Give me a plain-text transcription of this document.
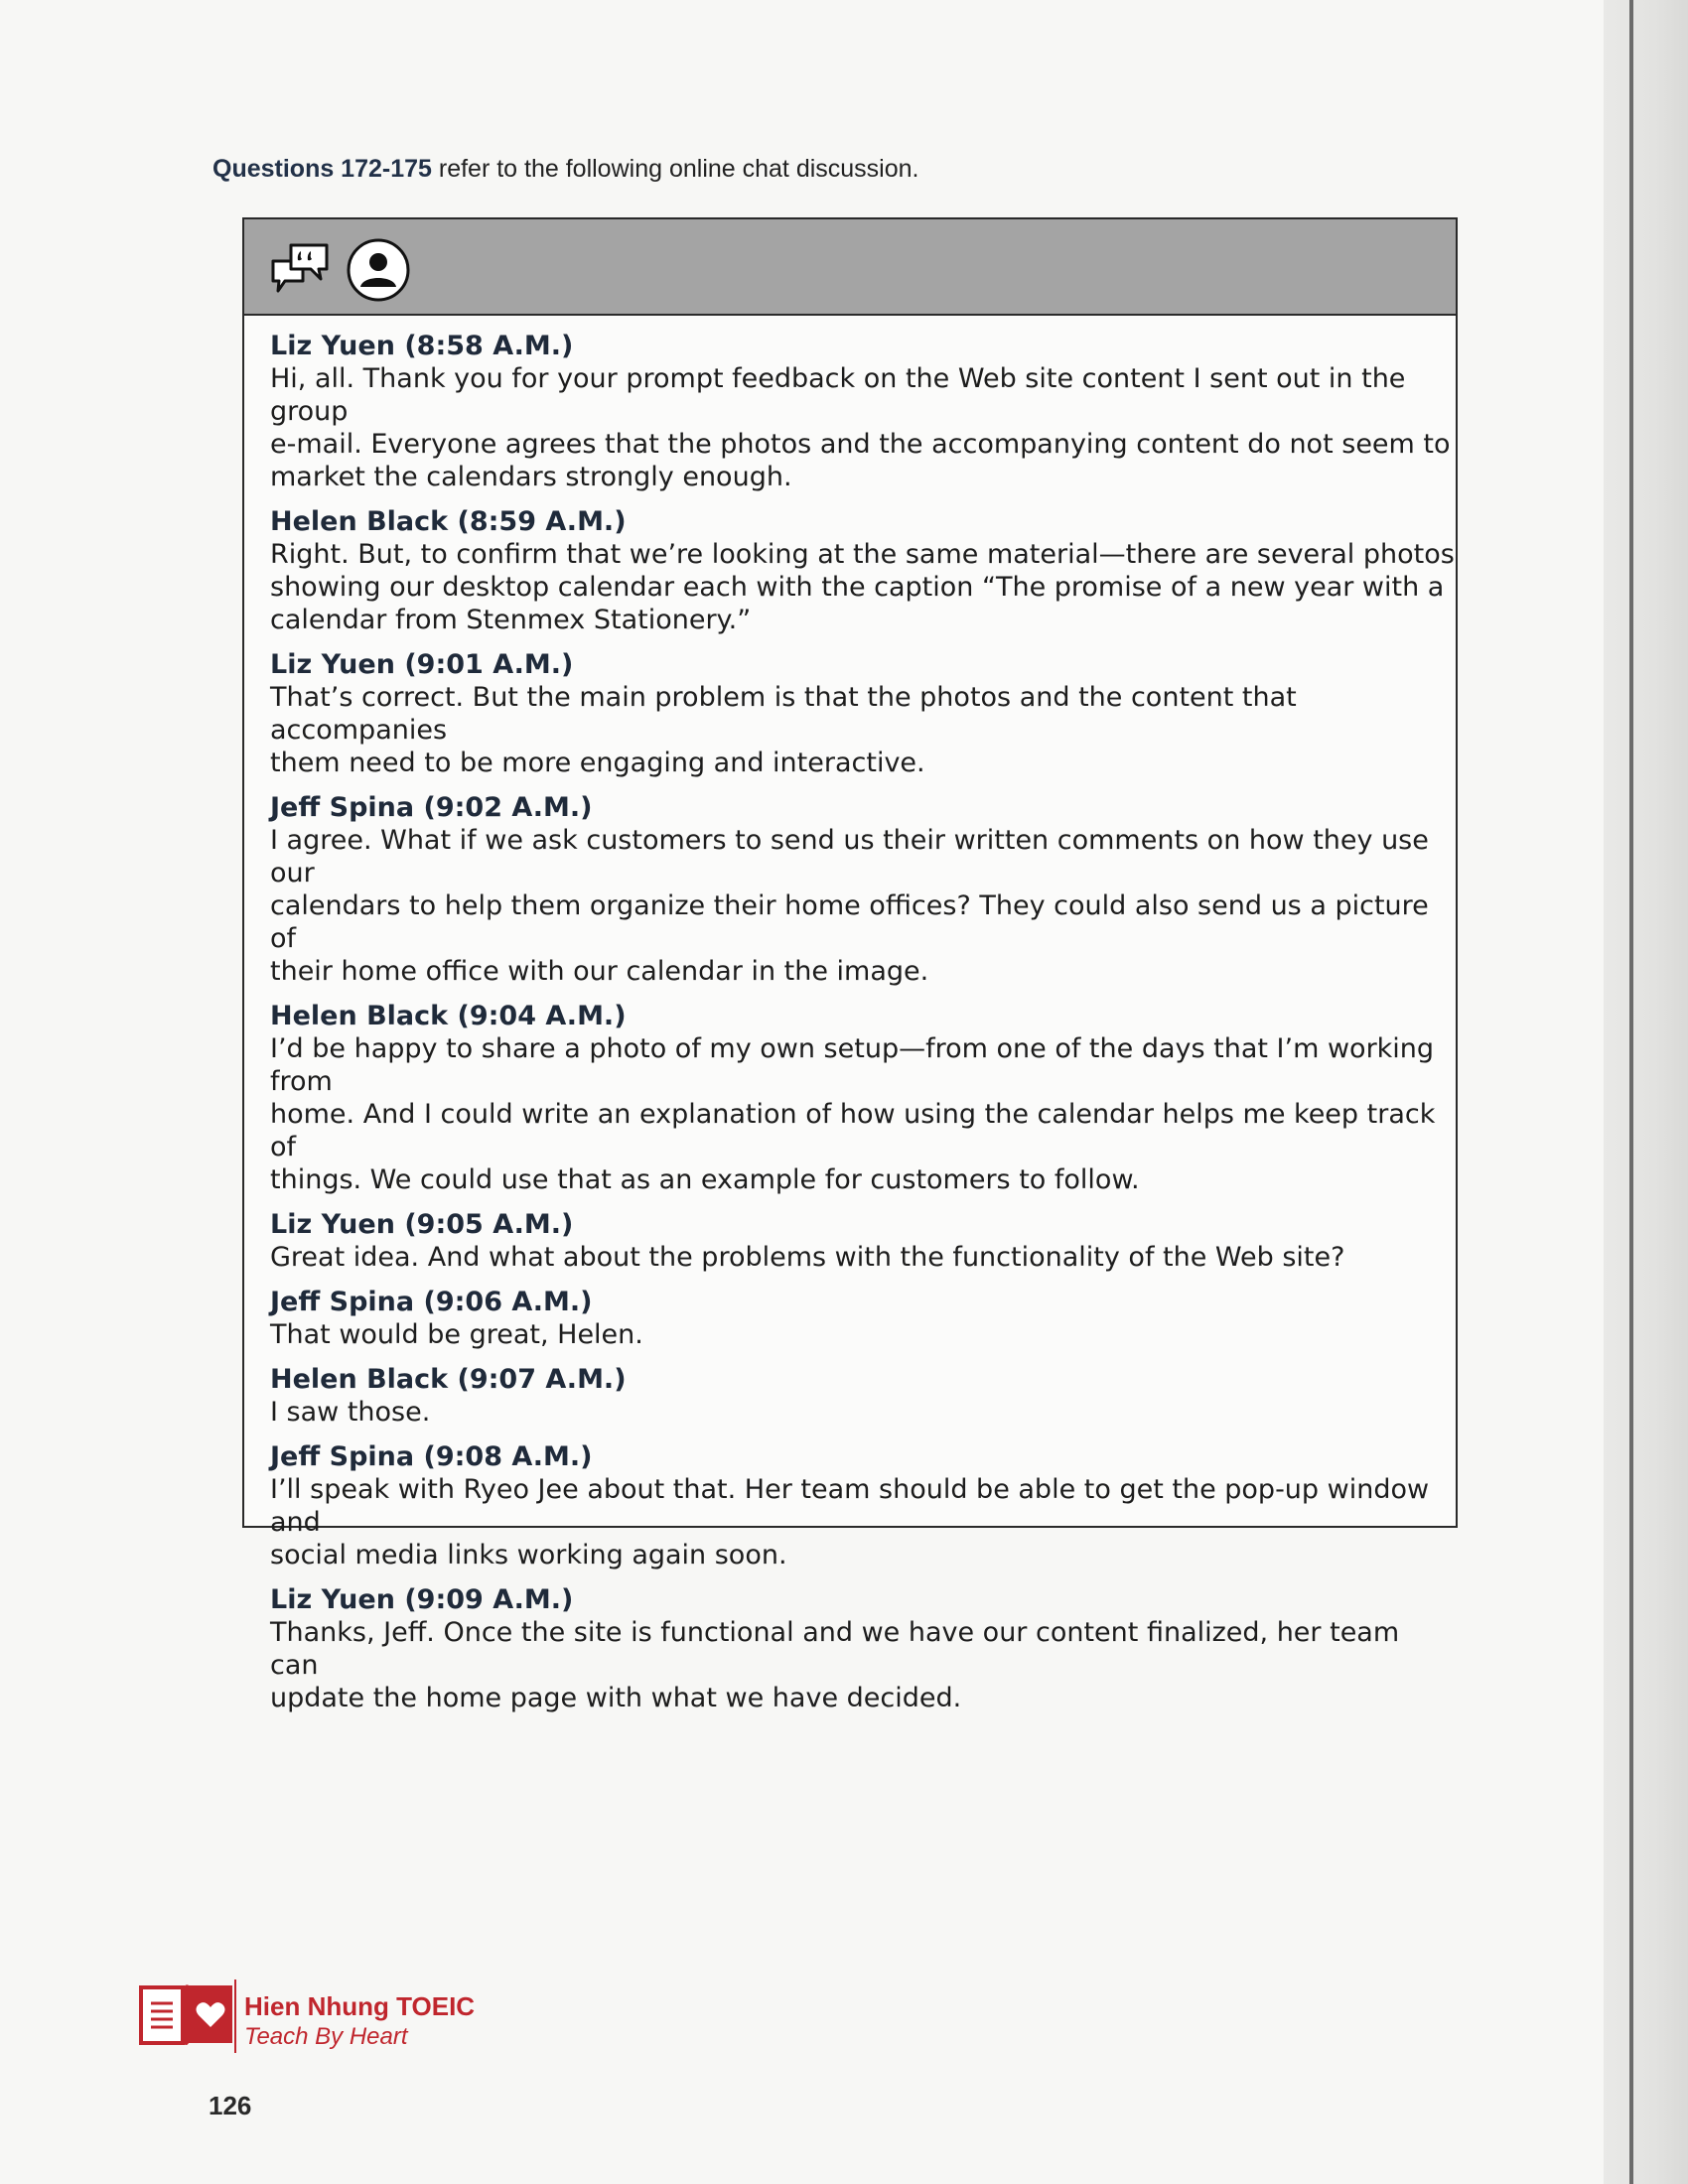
Questions 172-175 refer to the following online chat discussion.
Liz Yuen (8:58 A.M.)
Hi, all. Thank you for your prompt feedback on the Web site content I sent out in the group
e-mail. Everyone agrees that the photos and the accompanying content do not seem to
market the calendars strongly enough.
Helen Black (8:59 A.M.)
Right. But, to confirm that we’re looking at the same material—there are several photos
showing our desktop calendar each with the caption “The promise of a new year with a
calendar from Stenmex Stationery.”
Liz Yuen (9:01 A.M.)
That’s correct. But the main problem is that the photos and the content that accompanies
them need to be more engaging and interactive.
Jeff Spina (9:02 A.M.)
I agree. What if we ask customers to send us their written comments on how they use our
calendars to help them organize their home offices? They could also send us a picture of
their home office with our calendar in the image.
Helen Black (9:04 A.M.)
I’d be happy to share a photo of my own setup—from one of the days that I’m working from
home. And I could write an explanation of how using the calendar helps me keep track of
things. We could use that as an example for customers to follow.
Liz Yuen (9:05 A.M.)
Great idea. And what about the problems with the functionality of the Web site?
Jeff Spina (9:06 A.M.)
That would be great, Helen.
Helen Black (9:07 A.M.)
I saw those.
Jeff Spina (9:08 A.M.)
I’ll speak with Ryeo Jee about that. Her team should be able to get the pop-up window and
social media links working again soon.
Liz Yuen (9:09 A.M.)
Thanks, Jeff. Once the site is functional and we have our content finalized, her team can
update the home page with what we have decided.
Hien Nhung TOEIC
Teach By Heart
126
